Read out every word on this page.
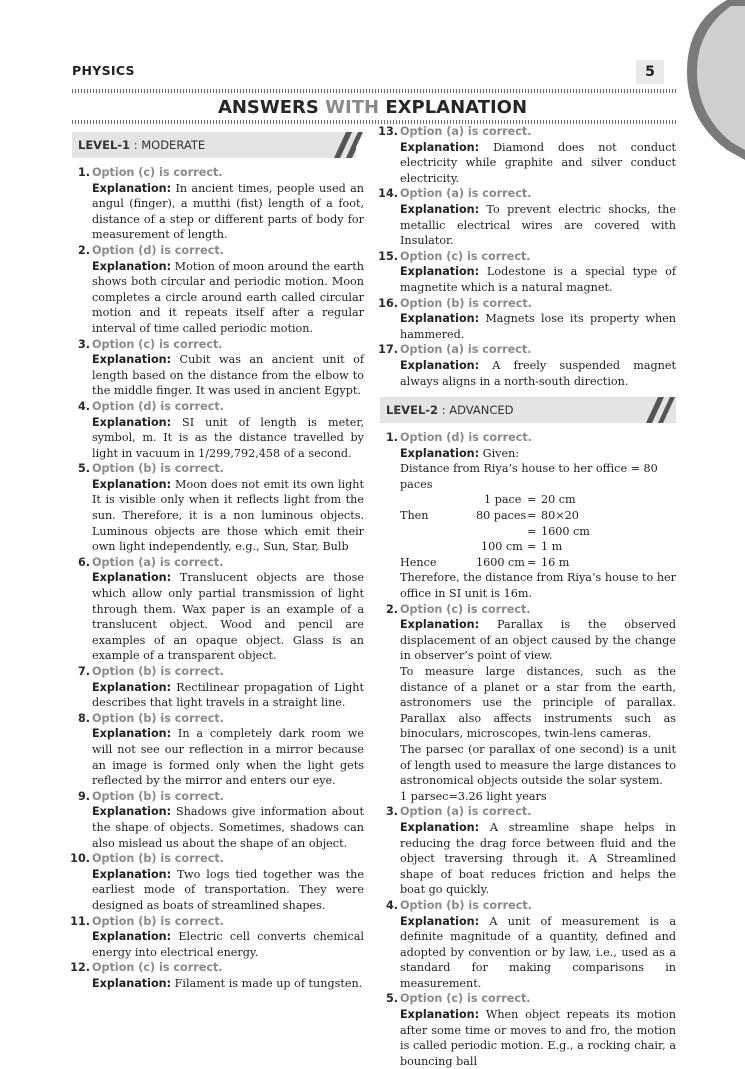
PHYSICS	5
ANSWERS WITH EXPLANATION
LEVEL-1 : MODERATE
1. Option (c) is correct.
Explanation: In ancient times, people used an angul (finger), a mutthi (fist) length of a foot, distance of a step or different parts of body for measurement of length.
2. Option (d) is correct.
Explanation: Motion of moon around the earth shows both circular and periodic motion. Moon completes a circle around earth called circular motion and it repeats itself after a regular interval of time called periodic motion.
3. Option (c) is correct.
Explanation: Cubit was an ancient unit of length based on the distance from the elbow to the middle finger. It was used in ancient Egypt.
4. Option (d) is correct.
Explanation: SI unit of length is meter, symbol, m. It is as the distance travelled by light in vacuum in 1/299,792,458 of a second.
5. Option (b) is correct.
Explanation: Moon does not emit its own light It is visible only when it reflects light from the sun. Therefore, it is a non luminous objects. Luminous objects are those which emit their own light independently, e.g., Sun, Star, Bulb
6. Option (a) is correct.
Explanation: Translucent objects are those which allow only partial transmission of light through them. Wax paper is an example of a translucent object. Wood and pencil are examples of an opaque object. Glass is an example of a transparent object.
7. Option (b) is correct.
Explanation: Rectilinear propagation of Light describes that light travels in a straight line.
8. Option (b) is correct.
Explanation: In a completely dark room we will not see our reflection in a mirror because an image is formed only when the light gets reflected by the mirror and enters our eye.
9. Option (b) is correct.
Explanation: Shadows give information about the shape of objects. Sometimes, shadows can also mislead us about the shape of an object.
10. Option (b) is correct.
Explanation: Two logs tied together was the earliest mode of transportation. They were designed as boats of streamlined shapes.
11. Option (b) is correct.
Explanation: Electric cell converts chemical energy into electrical energy.
12. Option (c) is correct.
Explanation: Filament is made up of tungsten.
13. Option (a) is correct.
Explanation: Diamond does not conduct electricity while graphite and silver conduct electricity.
14. Option (a) is correct.
Explanation: To prevent electric shocks, the metallic electrical wires are covered with Insulator.
15. Option (c) is correct.
Explanation: Lodestone is a special type of magnetite which is a natural magnet.
16. Option (b) is correct.
Explanation: Magnets lose its property when hammered.
17. Option (a) is correct.
Explanation: A freely suspended magnet always aligns in a north-south direction.
LEVEL-2 : ADVANCED
1. Option (d) is correct.
Explanation: Given:
Distance from Riya’s house to her office = 80 paces
1 pace = 20 cm
Then	80 paces = 80×20
= 1600 cm
100 cm = 1 m
Hence	1600 cm = 16 m
Therefore, the distance from Riya’s house to her office in SI unit is 16m.
2. Option (c) is correct.
Explanation: Parallax is the observed displacement of an object caused by the change in observer’s point of view.
To measure large distances, such as the distance of a planet or a star from the earth, astronomers use the principle of parallax. Parallax also affects instruments such as binoculars, microscopes, twin-lens cameras.
The parsec (or parallax of one second) is a unit of length used to measure the large distances to astronomical objects outside the solar system.
1 parsec=3.26 light years
3. Option (a) is correct.
Explanation: A streamline shape helps in reducing the drag force between fluid and the object traversing through it. A Streamlined shape of boat reduces friction and helps the boat go quickly.
4. Option (b) is correct.
Explanation: A unit of measurement is a definite magnitude of a quantity, defined and adopted by convention or by law, i.e., used as a standard for making comparisons in measurement.
5. Option (c) is correct.
Explanation: When object repeats its motion after some time or moves to and fro, the motion is called periodic motion. E.g., a rocking chair, a bouncing ball
